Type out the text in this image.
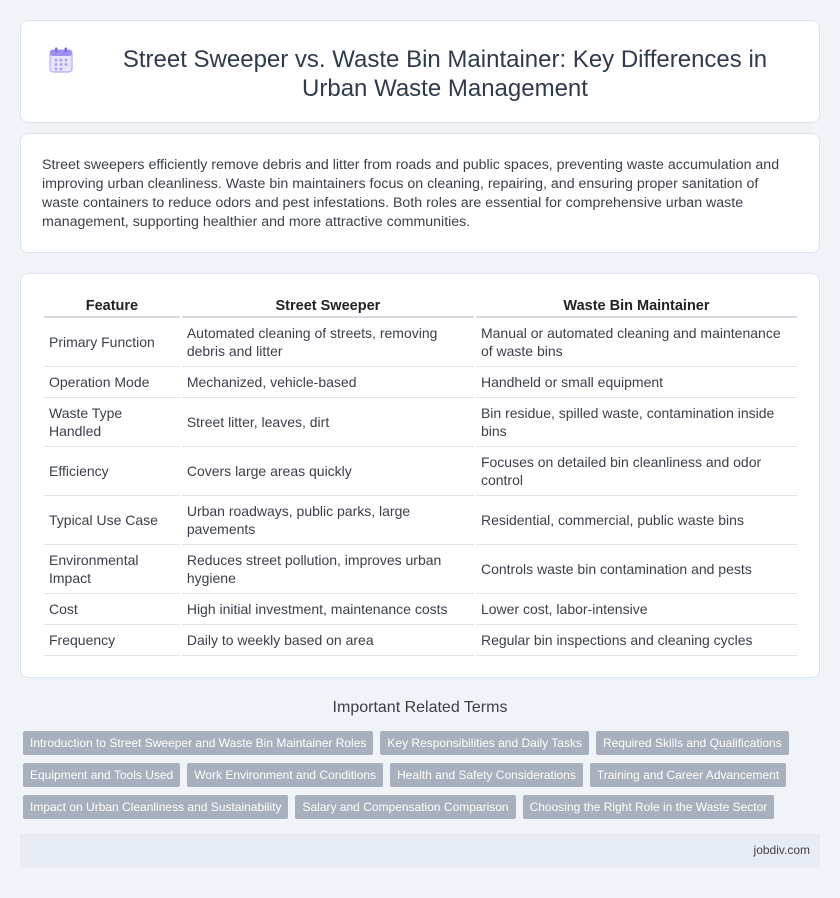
Street Sweeper vs. Waste Bin Maintainer: Key Differences in Urban Waste Management

Street sweepers efficiently remove debris and litter from roads and public spaces, preventing waste accumulation and improving urban cleanliness. Waste bin maintainers focus on cleaning, repairing, and ensuring proper sanitation of waste containers to reduce odors and pest infestations. Both roles are essential for comprehensive urban waste management, supporting healthier and more attractive communities.

Feature	Street Sweeper	Waste Bin Maintainer
Primary Function	Automated cleaning of streets, removing debris and litter	Manual or automated cleaning and maintenance of waste bins
Operation Mode	Mechanized, vehicle-based	Handheld or small equipment
Waste Type Handled	Street litter, leaves, dirt	Bin residue, spilled waste, contamination inside bins
Efficiency	Covers large areas quickly	Focuses on detailed bin cleanliness and odor control
Typical Use Case	Urban roadways, public parks, large pavements	Residential, commercial, public waste bins
Environmental Impact	Reduces street pollution, improves urban hygiene	Controls waste bin contamination and pests
Cost	High initial investment, maintenance costs	Lower cost, labor-intensive
Frequency	Daily to weekly based on area	Regular bin inspections and cleaning cycles
Important Related Terms
Introduction to Street Sweeper and Waste Bin Maintainer Roles	Key Responsibilities and Daily Tasks	Required Skills and Qualifications
Equipment and Tools Used	Work Environment and Conditions	Health and Safety Considerations	Training and Career Advancement
Impact on Urban Cleanliness and Sustainability	Salary and Compensation Comparison	Choosing the Right Role in the Waste Sector
jobdiv.com
